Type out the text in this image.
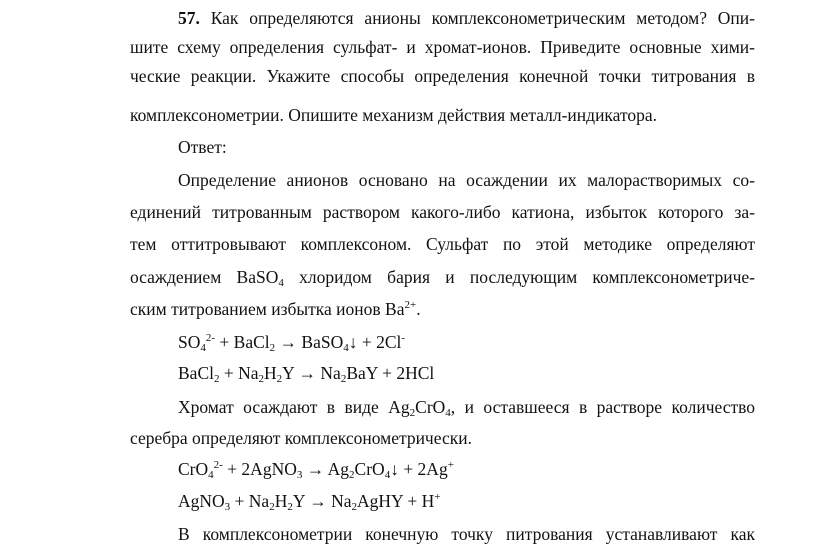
57. Как определяются анионы комплексонометрическим методом? Опи-
шите схему определения сульфат- и хромат-ионов. Приведите основные хими-
ческие реакции. Укажите способы определения конечной точки титрования в
комплексонометрии. Опишите механизм действия металл-индикатора.
Ответ:
Определение анионов основано на осаждении их малорастворимых со-
единений титрованным раствором какого-либо катиона, избыток которого за-
тем оттитровывают комплексоном. Сульфат по этой методике определяют
осаждением BaSO$_4$ хлоридом бария и последующим комплексонометриче-
ским титрованием избытка ионов $Ba^{2+}$.
$SO_4^{2-}$ + BaCl$_2$ → BaSO$_4$↓ + 2Cl-
BaCl$_2$ + $Na_2H_2Y \to Na_2BaY + 2HCl$
Хромат осаждают в виде $Ag_2CrO_4$, и оставшееся в растворе количество
серебра определяют комплексонометрически.
CrO$_4^{2-}$ + 2AgNO$_3$ → $Ag_2CrO_4↓ + 2Ag^+$
AgNO$_3$ + $Na_2H_2Y$ → $Na_2AgHY + H^+$
В комплексонометрии конечную точку питрования устанавливают как
